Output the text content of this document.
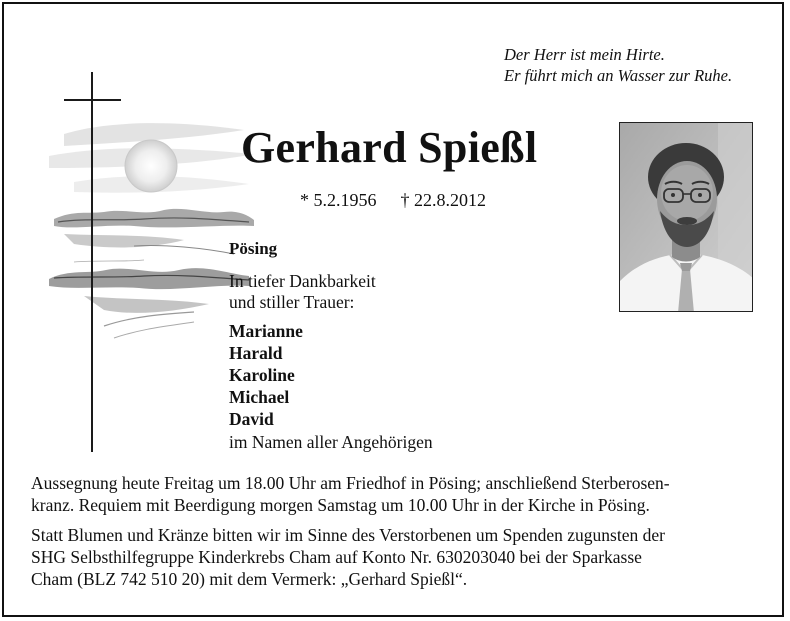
Der Herr ist mein Hirte.
Er führt mich an Wasser zur Ruhe.
Gerhard Spießl
* 5.2.1956 † 22.8.2012
Pösing
In tiefer Dankbarkeit
und stiller Trauer:
Marianne
Harald
Karoline
Michael
David
im Namen aller Angehörigen
Aussegnung heute Freitag um 18.00 Uhr am Friedhof in Pösing; anschließend Sterberosen-
kranz. Requiem mit Beerdigung morgen Samstag um 10.00 Uhr in der Kirche in Pösing.
Statt Blumen und Kränze bitten wir im Sinne des Verstorbenen um Spenden zugunsten der
SHG Selbsthilfegruppe Kinderkrebs Cham auf Konto Nr. 630203040 bei der Sparkasse
Cham (BLZ 742 510 20) mit dem Vermerk: „Gerhard Spießl“.
